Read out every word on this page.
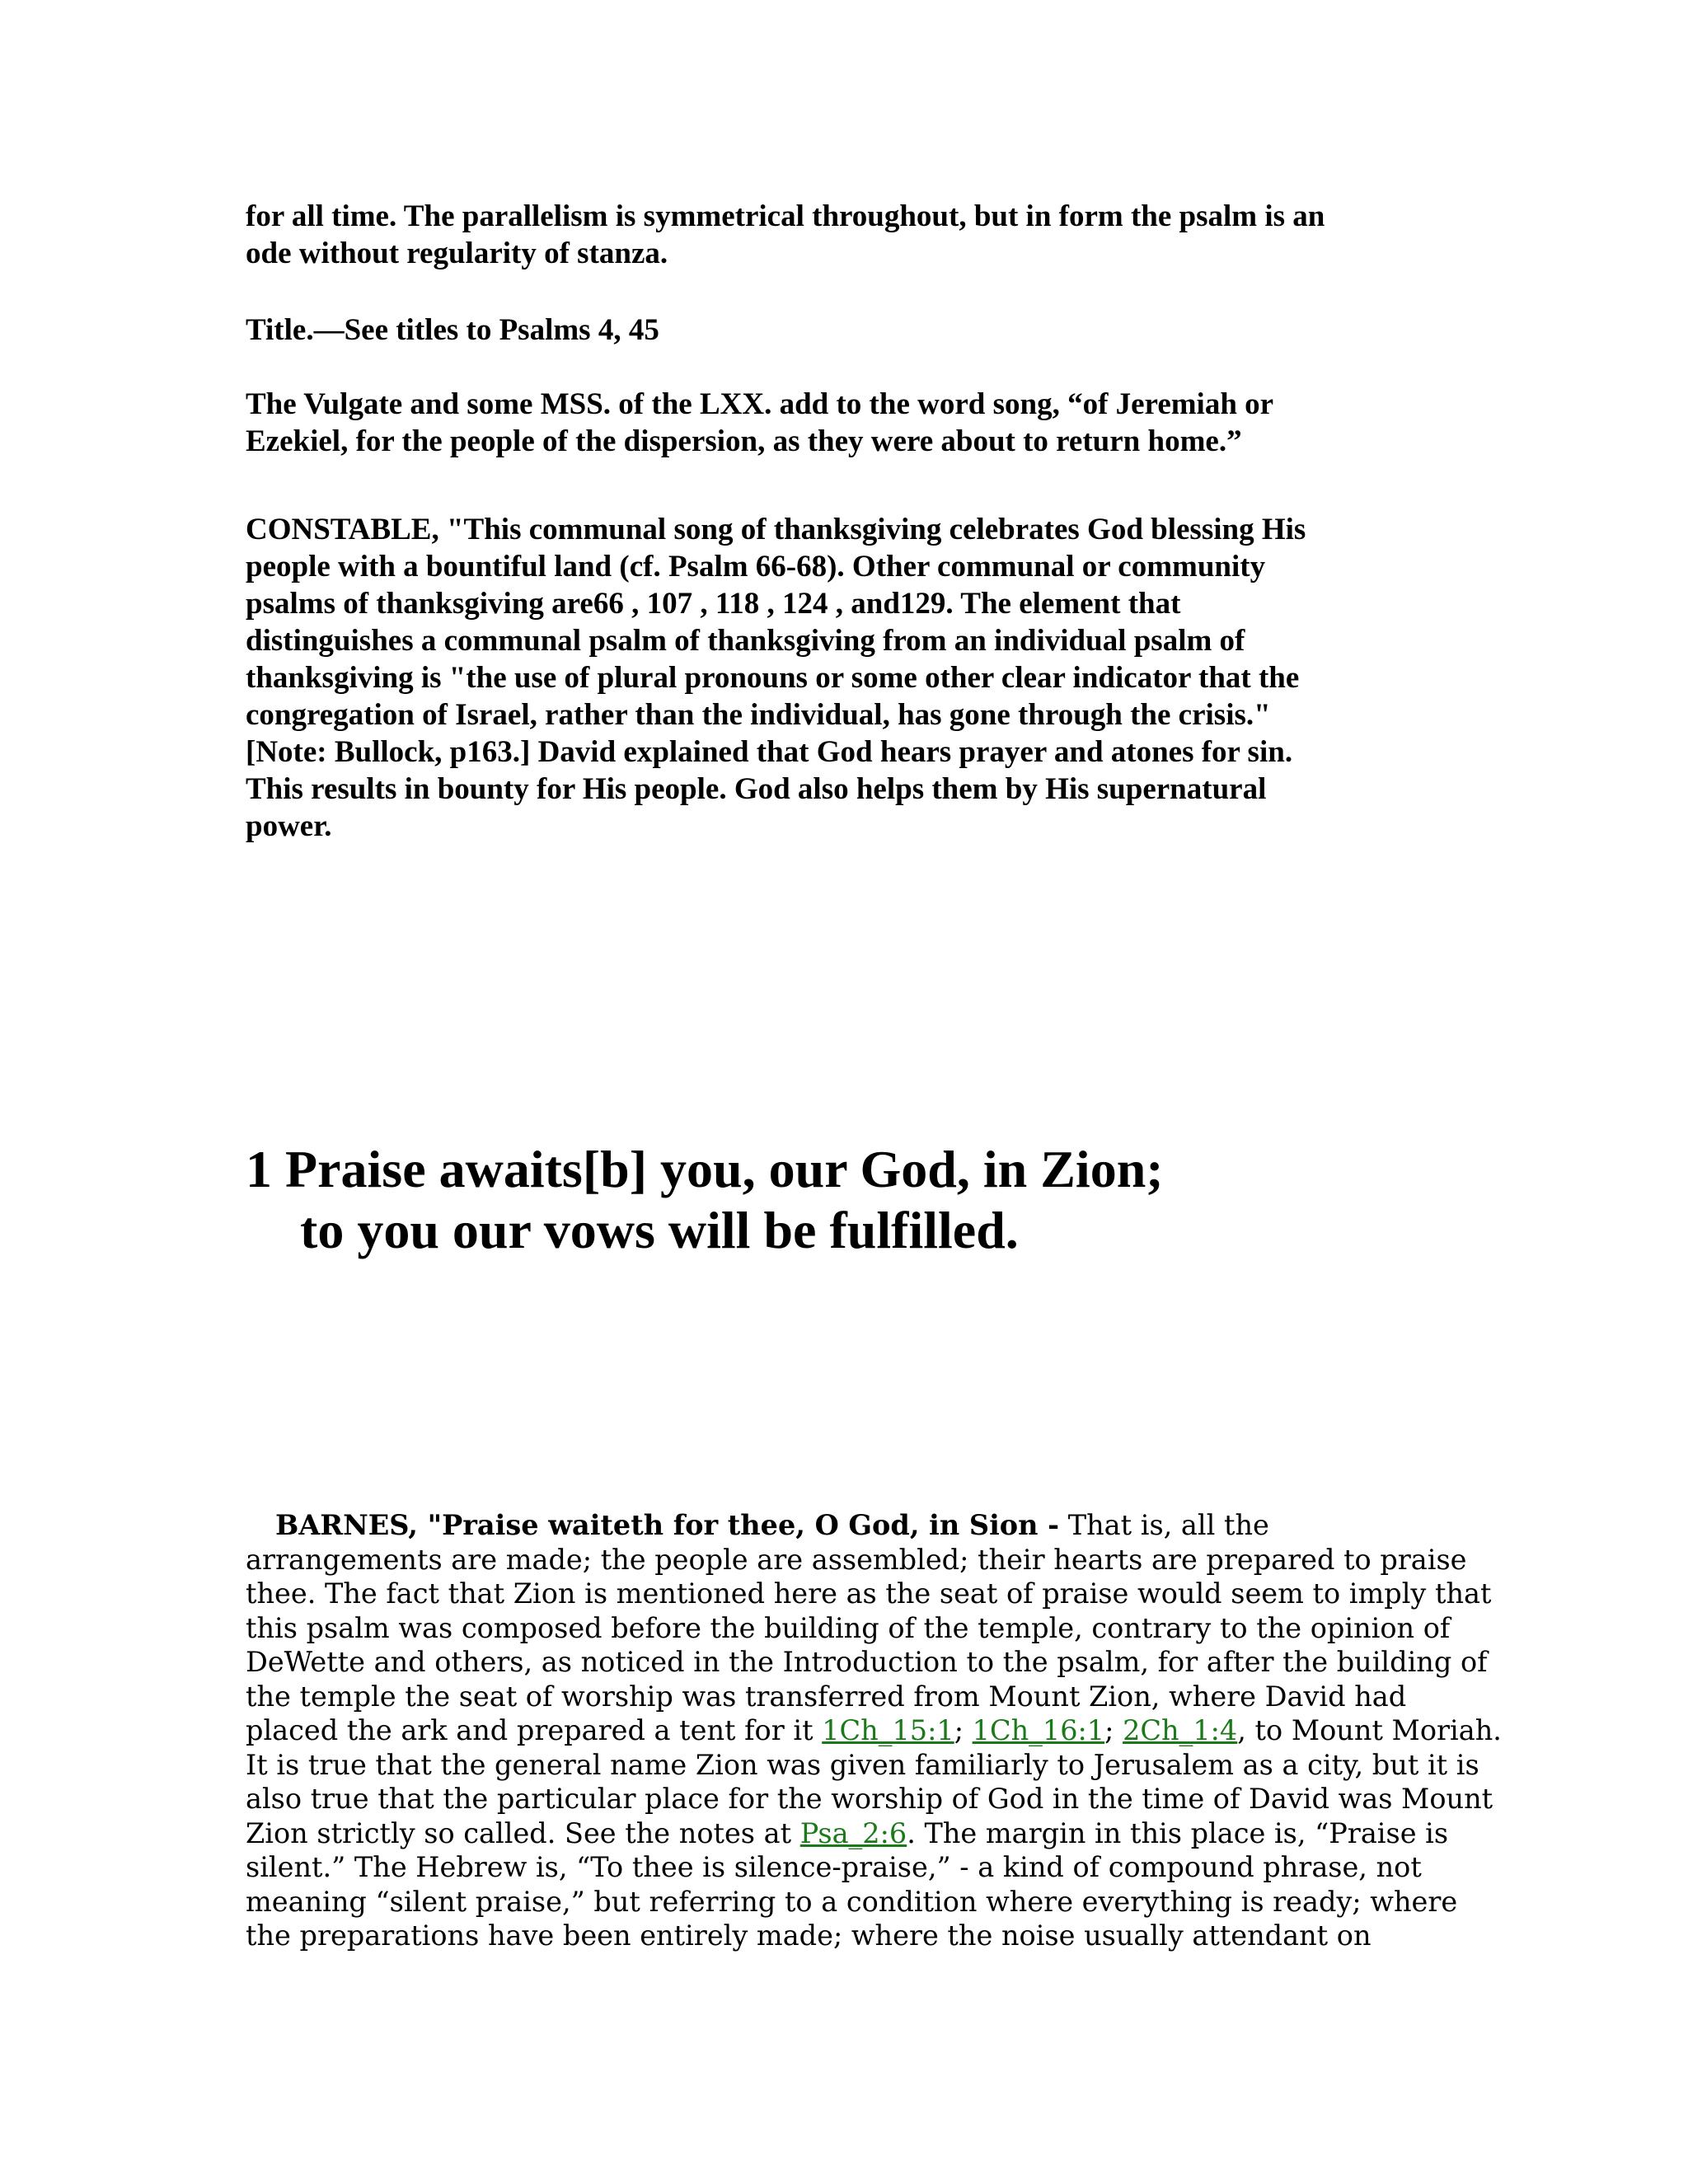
for all time. The parallelism is symmetrical throughout, but in form the psalm is an
ode without regularity of stanza.

Title.—See titles to Psalms 4, 45

The Vulgate and some MSS. of the LXX. add to the word song, “of Jeremiah or
Ezekiel, for the people of the dispersion, as they were about to return home.”

CONSTABLE, "This communal song of thanksgiving celebrates God blessing His
people with a bountiful land (cf. Psalm 66-68). Other communal or community
psalms of thanksgiving are66 , 107 , 118 , 124 , and129. The element that
distinguishes a communal psalm of thanksgiving from an individual psalm of
thanksgiving is "the use of plural pronouns or some other clear indicator that the
congregation of Israel, rather than the individual, has gone through the crisis."
[Note: Bullock, p163.] David explained that God hears prayer and atones for sin.
This results in bounty for His people. God also helps them by His supernatural
power.

1 Praise awaits[b] you, our God, in Zion;
to you our vows will be fulfilled.

BARNES, "Praise waiteth for thee, O God, in Sion - That is, all the
arrangements are made; the people are assembled; their hearts are prepared to praise
thee. The fact that Zion is mentioned here as the seat of praise would seem to imply that
this psalm was composed before the building of the temple, contrary to the opinion of
DeWette and others, as noticed in the Introduction to the psalm, for after the building of
the temple the seat of worship was transferred from Mount Zion, where David had
placed the ark and prepared a tent for it 1Ch_15:1; 1Ch_16:1; 2Ch_1:4, to Mount Moriah.
It is true that the general name Zion was given familiarly to Jerusalem as a city, but it is
also true that the particular place for the worship of God in the time of David was Mount
Zion strictly so called. See the notes at Psa_2:6. The margin in this place is, “Praise is
silent.” The Hebrew is, “To thee is silence-praise,” - a kind of compound phrase, not
meaning “silent praise,” but referring to a condition where everything is ready; where
the preparations have been entirely made; where the noise usually attendant on
